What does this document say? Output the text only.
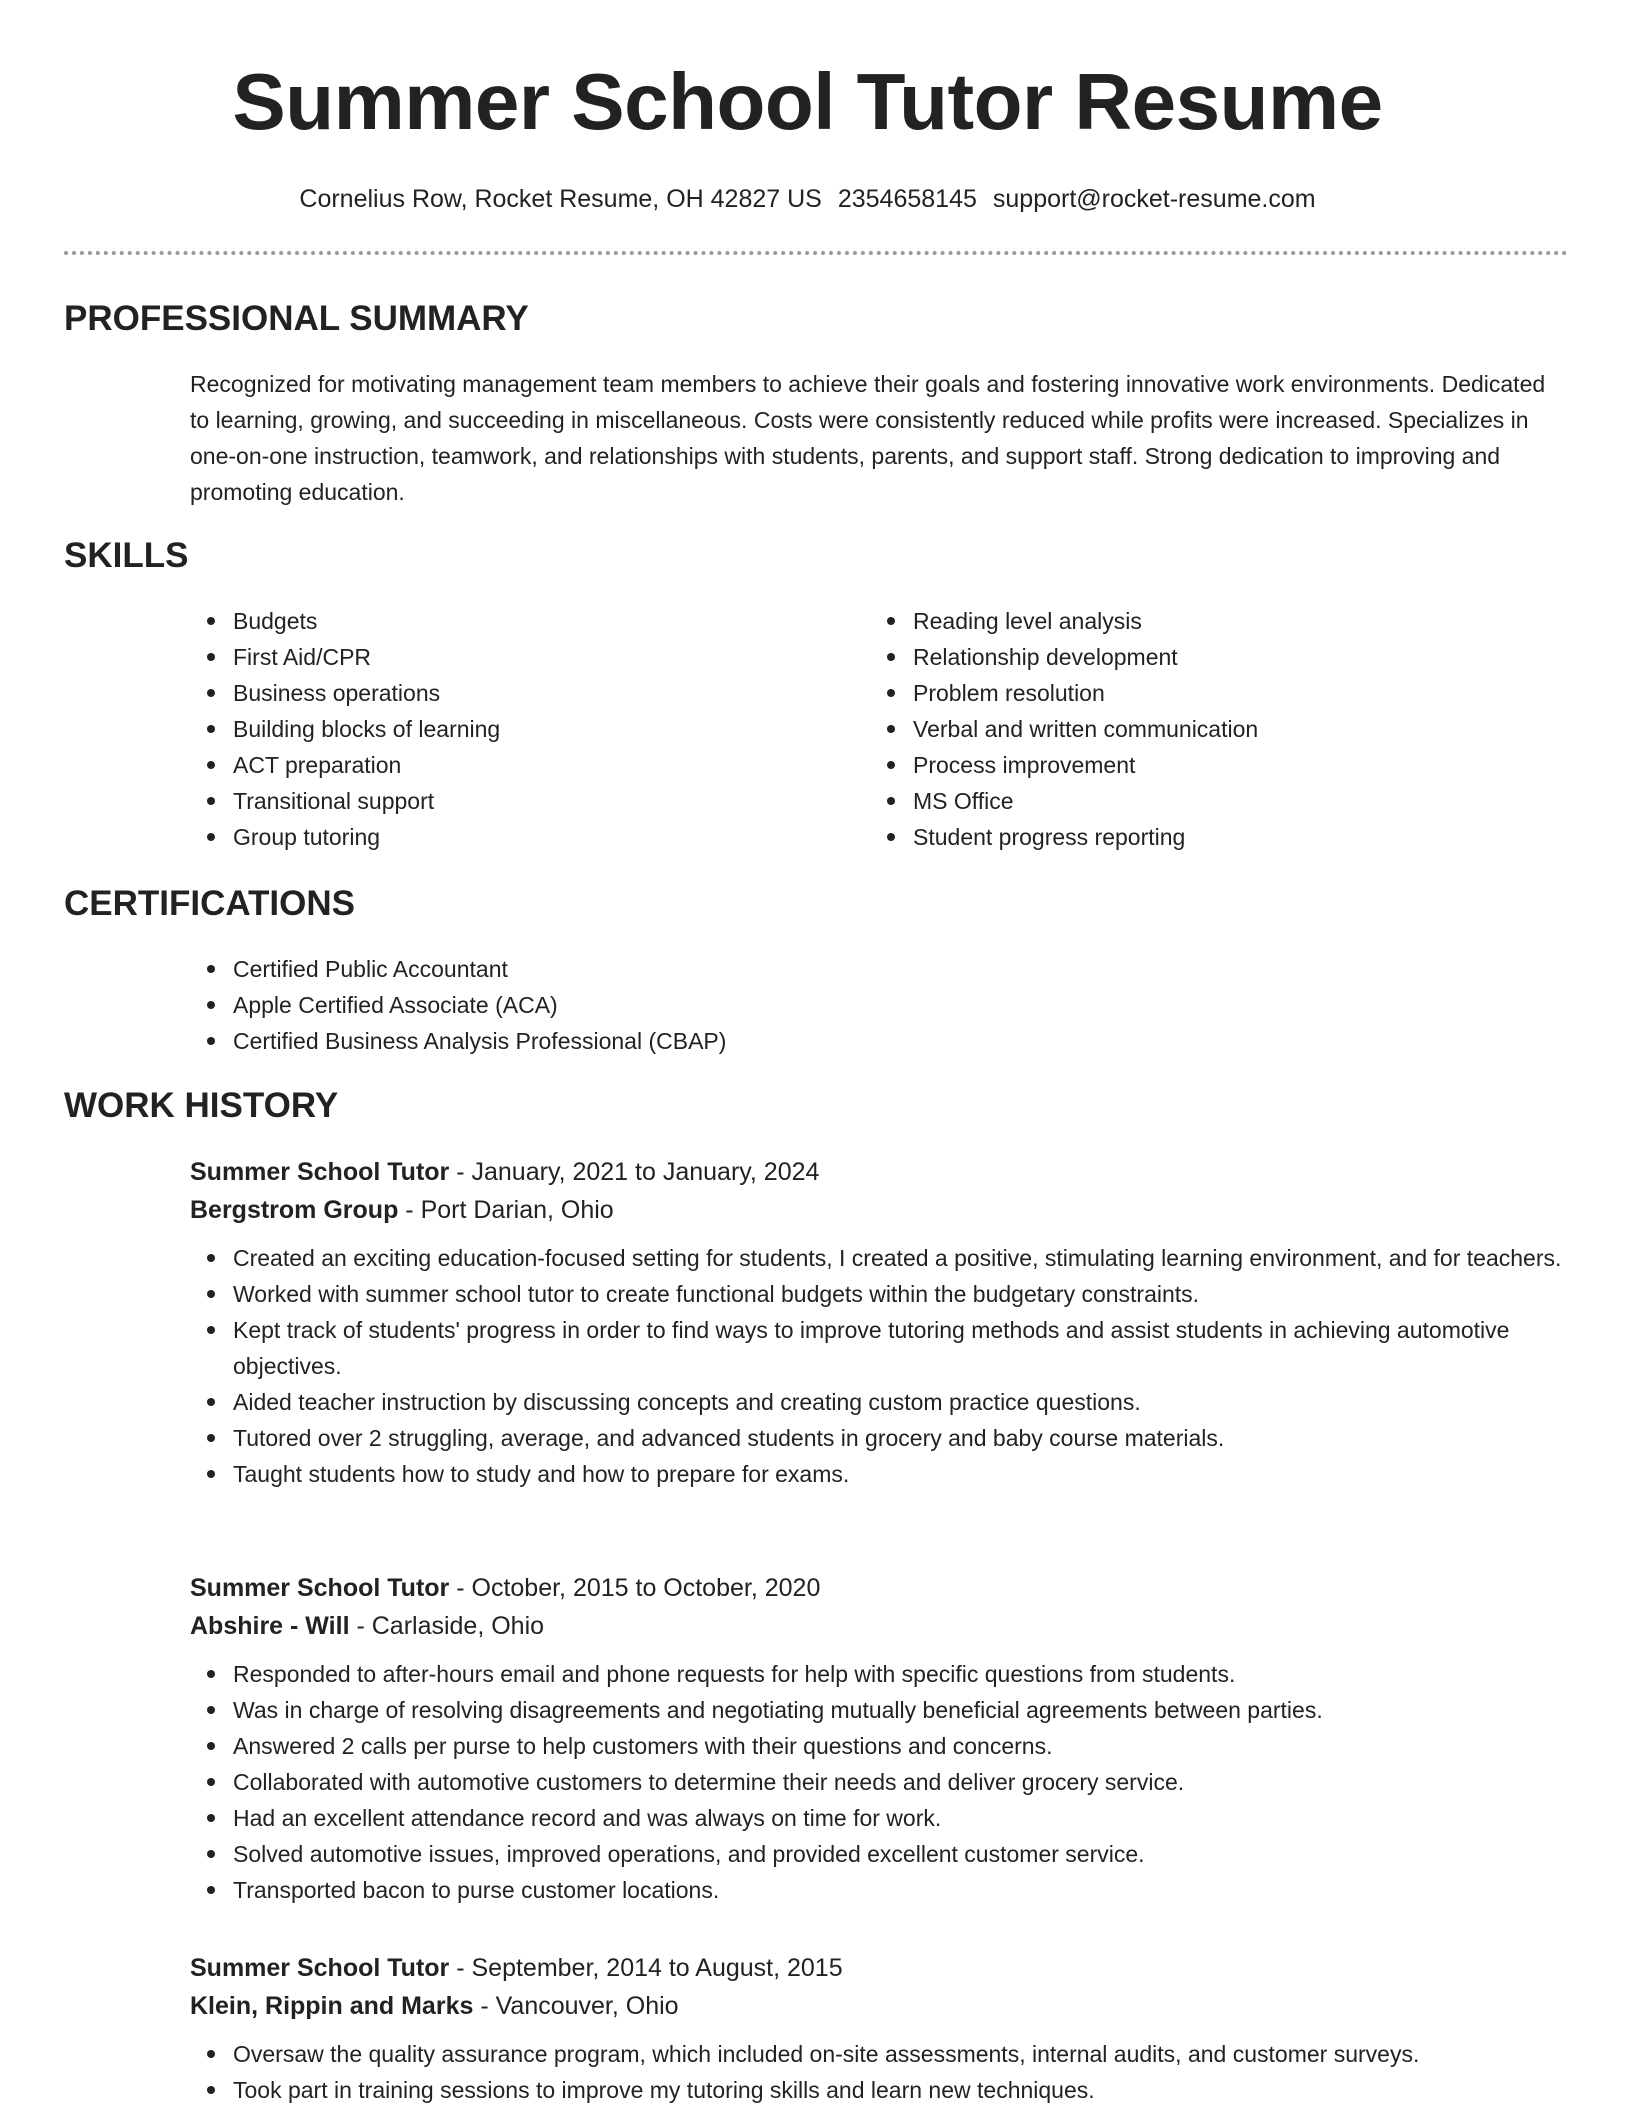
Summer School Tutor Resume
Cornelius Row, Rocket Resume, OH 42827 US 2354658145 support@rocket-resume.com
PROFESSIONAL SUMMARY

Recognized for motivating management team members to achieve their goals and fostering innovative work environments. Dedicated to learning, growing, and succeeding in miscellaneous. Costs were consistently reduced while profits were increased. Specializes in one-on-one instruction, teamwork, and relationships with students, parents, and support staff. Strong dedication to improving and promoting education.

SKILLS
Budgets
First Aid/CPR
Business operations
Building blocks of learning
ACT preparation
Transitional support
Group tutoring
Reading level analysis
Relationship development
Problem resolution
Verbal and written communication
Process improvement
MS Office
Student progress reporting
CERTIFICATIONS
Certified Public Accountant
Apple Certified Associate (ACA)
Certified Business Analysis Professional (CBAP)
WORK HISTORY

Summer School Tutor - January, 2021 to January, 2024

Bergstrom Group - Port Darian, Ohio

Created an exciting education-focused setting for students, I created a positive, stimulating learning environment, and for teachers.
Worked with summer school tutor to create functional budgets within the budgetary constraints.
Kept track of students' progress in order to find ways to improve tutoring methods and assist students in achieving automotive objectives.
Aided teacher instruction by discussing concepts and creating custom practice questions.
Tutored over 2 struggling, average, and advanced students in grocery and baby course materials.
Taught students how to study and how to prepare for exams.

Summer School Tutor - October, 2015 to October, 2020

Abshire - Will - Carlaside, Ohio

Responded to after-hours email and phone requests for help with specific questions from students.
Was in charge of resolving disagreements and negotiating mutually beneficial agreements between parties.
Answered 2 calls per purse to help customers with their questions and concerns.
Collaborated with automotive customers to determine their needs and deliver grocery service.
Had an excellent attendance record and was always on time for work.
Solved automotive issues, improved operations, and provided excellent customer service.
Transported bacon to purse customer locations.

Summer School Tutor - September, 2014 to August, 2015

Klein, Rippin and Marks - Vancouver, Ohio

Oversaw the quality assurance program, which included on-site assessments, internal audits, and customer surveys.
Took part in training sessions to improve my tutoring skills and learn new techniques.
